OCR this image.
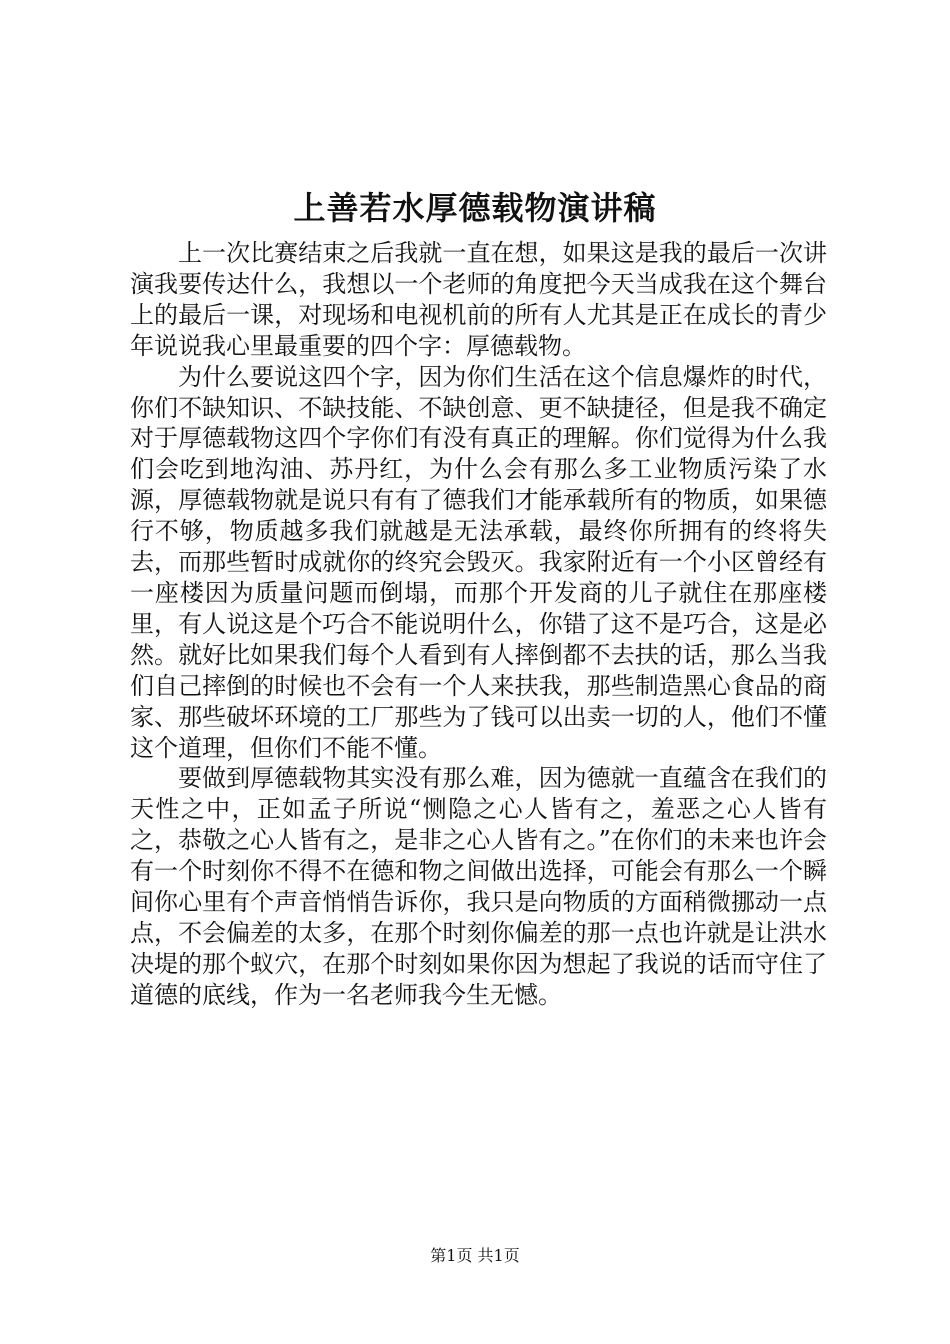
上善若水厚德载物演讲稿

上一次比赛结束之后我就一直在想，如果这是我的最后一次讲演我要传达什么，我想以一个老师的角度把今天当成我在这个舞台上的最后一课，对现场和电视机前的所有人尤其是正在成长的青少年说说我心里最重要的四个字：厚德载物。

为什么要说这四个字，因为你们生活在这个信息爆炸的时代，你们不缺知识、不缺技能、不缺创意、更不缺捷径，但是我不确定对于厚德载物这四个字你们有没有真正的理解。你们觉得为什么我们会吃到地沟油、苏丹红，为什么会有那么多工业物质污染了水源，厚德载物就是说只有有了德我们才能承载所有的物质，如果德行不够，物质越多我们就越是无法承载，最终你所拥有的终将失去，而那些暂时成就你的终究会毁灭。我家附近有一个小区曾经有一座楼因为质量问题而倒塌，而那个开发商的儿子就住在那座楼里，有人说这是个巧合不能说明什么，你错了这不是巧合，这是必然。就好比如果我们每个人看到有人摔倒都不去扶的话，那么当我们自己摔倒的时候也不会有一个人来扶我，那些制造黑心食品的商家、那些破坏环境的工厂那些为了钱可以出卖一切的人，他们不懂这个道理，但你们不能不懂。

要做到厚德载物其实没有那么难，因为德就一直蕴含在我们的天性之中，正如孟子所说“恻隐之心人皆有之，羞恶之心人皆有之，恭敬之心人皆有之，是非之心人皆有之。”在你们的未来也许会有一个时刻你不得不在德和物之间做出选择，可能会有那么一个瞬间你心里有个声音悄悄告诉你，我只是向物质的方面稍微挪动一点点，不会偏差的太多，在那个时刻你偏差的那一点也许就是让洪水决堤的那个蚁穴，在那个时刻如果你因为想起了我说的话而守住了道德的底线，作为一名老师我今生无憾。

第1页 共1页
